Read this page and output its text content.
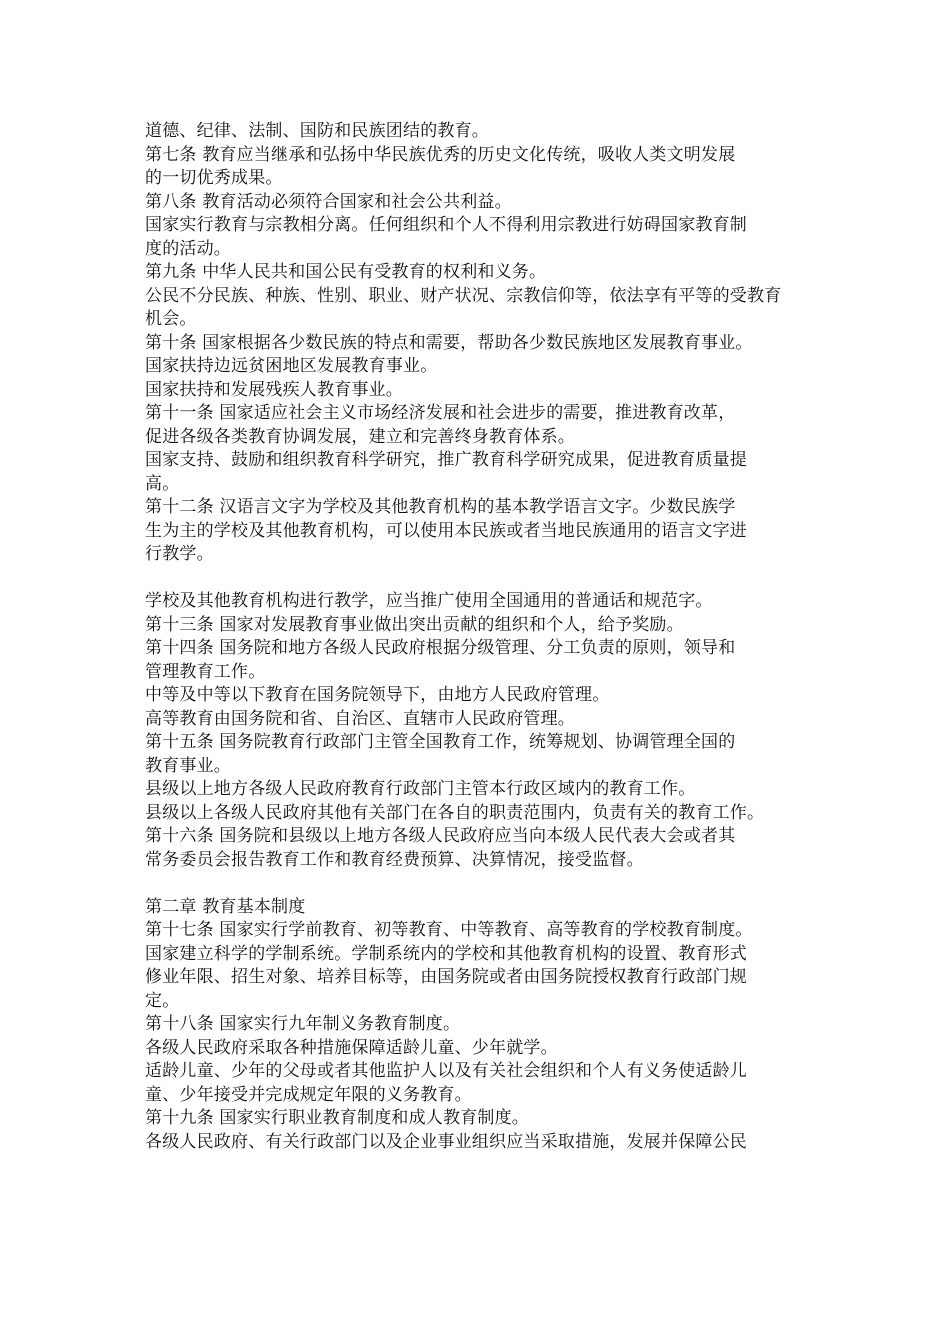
道德、纪律、法制、国防和民族团结的教育。
第七条 教育应当继承和弘扬中华民族优秀的历史文化传统，吸收人类文明发展
的一切优秀成果。
第八条 教育活动必须符合国家和社会公共利益。
国家实行教育与宗教相分离。任何组织和个人不得利用宗教进行妨碍国家教育制
度的活动。
第九条 中华人民共和国公民有受教育的权利和义务。
公民不分民族、种族、性别、职业、财产状况、宗教信仰等，依法享有平等的受教育
机会。
第十条 国家根据各少数民族的特点和需要，帮助各少数民族地区发展教育事业。
国家扶持边远贫困地区发展教育事业。
国家扶持和发展残疾人教育事业。
第十一条 国家适应社会主义市场经济发展和社会进步的需要，推进教育改革，
促进各级各类教育协调发展，建立和完善终身教育体系。
国家支持、鼓励和组织教育科学研究，推广教育科学研究成果，促进教育质量提
高。
第十二条 汉语言文字为学校及其他教育机构的基本教学语言文字。少数民族学
生为主的学校及其他教育机构，可以使用本民族或者当地民族通用的语言文字进
行教学。
学校及其他教育机构进行教学，应当推广使用全国通用的普通话和规范字。
第十三条 国家对发展教育事业做出突出贡献的组织和个人，给予奖励。
第十四条 国务院和地方各级人民政府根据分级管理、分工负责的原则，领导和
管理教育工作。
中等及中等以下教育在国务院领导下，由地方人民政府管理。
高等教育由国务院和省、自治区、直辖市人民政府管理。
第十五条 国务院教育行政部门主管全国教育工作，统筹规划、协调管理全国的
教育事业。
县级以上地方各级人民政府教育行政部门主管本行政区域内的教育工作。
县级以上各级人民政府其他有关部门在各自的职责范围内，负责有关的教育工作。
第十六条 国务院和县级以上地方各级人民政府应当向本级人民代表大会或者其
常务委员会报告教育工作和教育经费预算、决算情况，接受监督。
第二章 教育基本制度
第十七条 国家实行学前教育、初等教育、中等教育、高等教育的学校教育制度。
国家建立科学的学制系统。学制系统内的学校和其他教育机构的设置、教育形式
修业年限、招生对象、培养目标等，由国务院或者由国务院授权教育行政部门规
定。
第十八条 国家实行九年制义务教育制度。
各级人民政府采取各种措施保障适龄儿童、少年就学。
适龄儿童、少年的父母或者其他监护人以及有关社会组织和个人有义务使适龄儿
童、少年接受并完成规定年限的义务教育。
第十九条 国家实行职业教育制度和成人教育制度。
各级人民政府、有关行政部门以及企业事业组织应当采取措施，发展并保障公民
